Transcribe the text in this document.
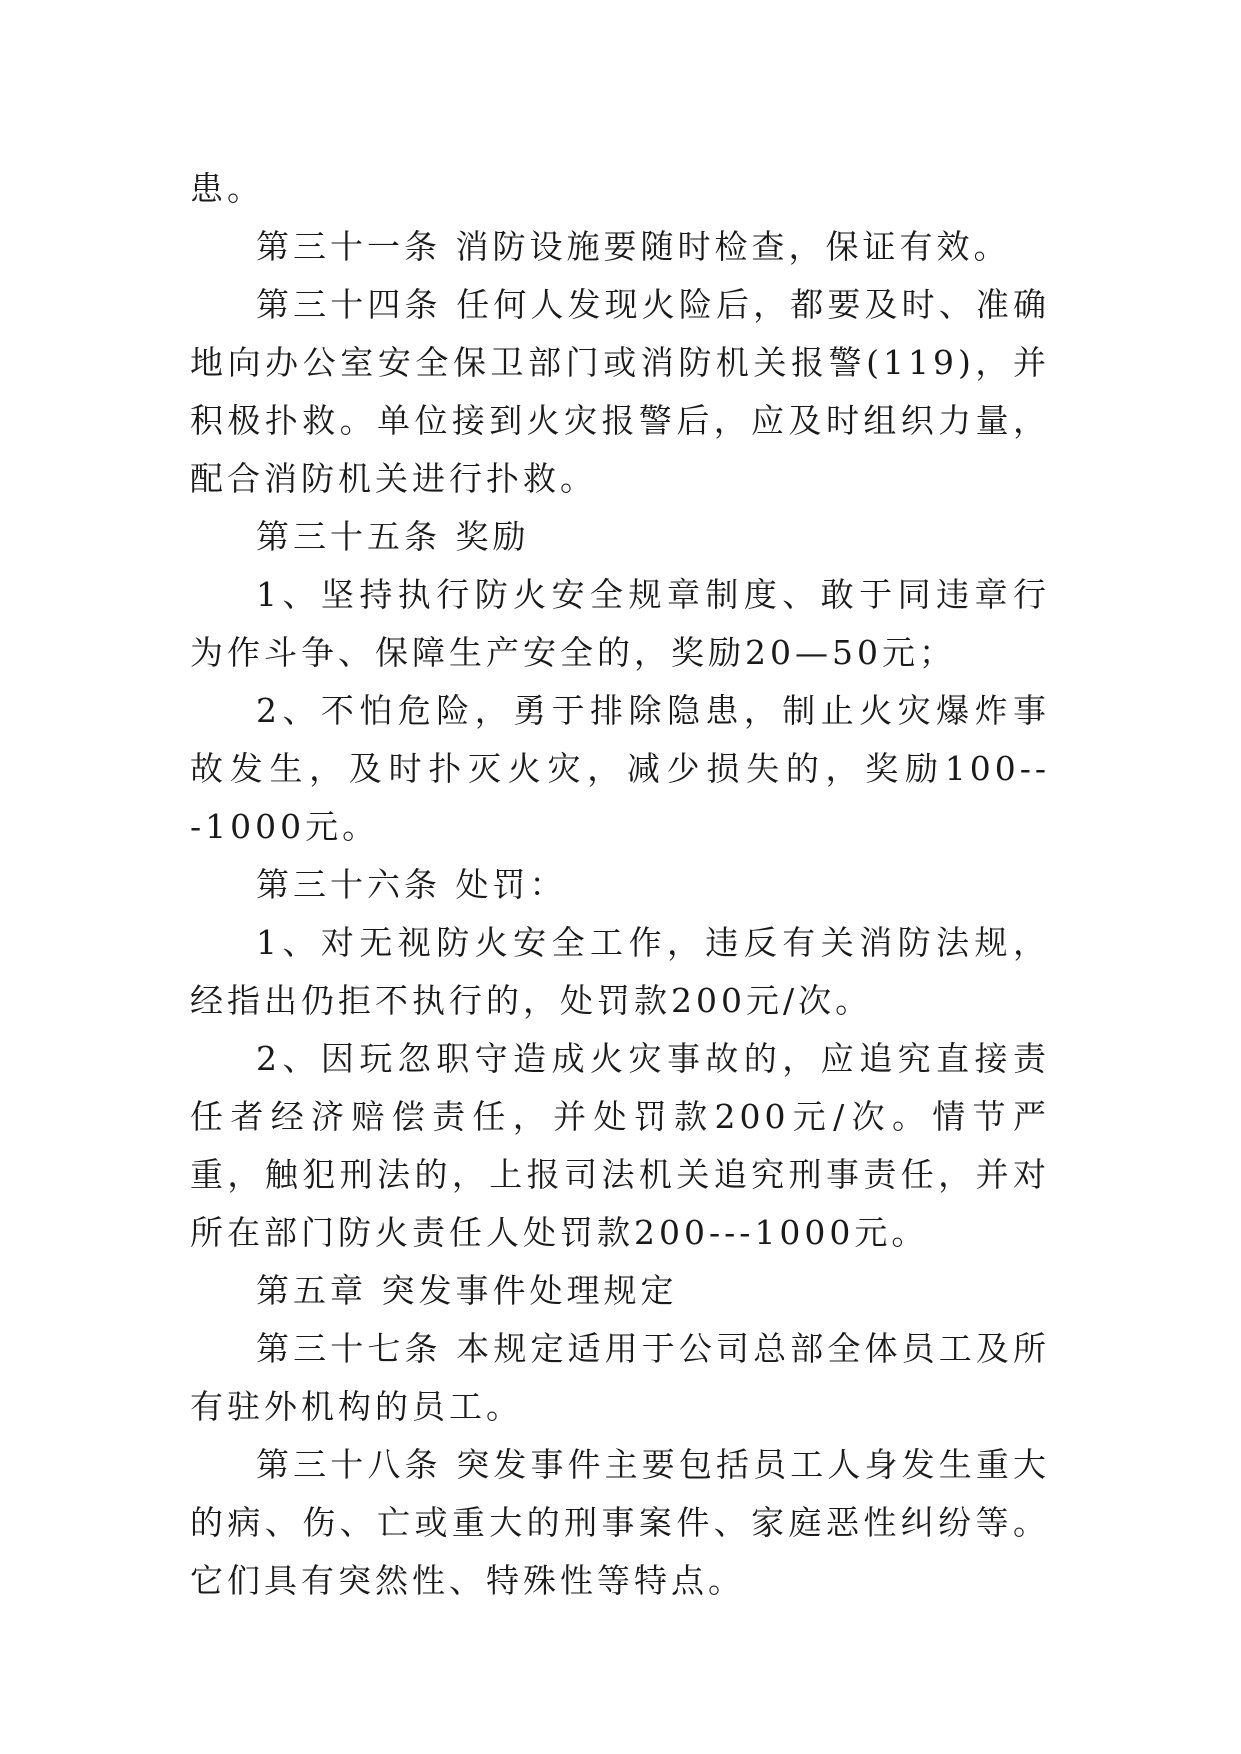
患。

第三十一条 消防设施要随时检查，保证有效。

第三十四条 任何人发现火险后，都要及时、准确地向办公室安全保卫部门或消防机关报警(119)，并积极扑救。单位接到火灾报警后，应及时组织力量，配合消防机关进行扑救。

第三十五条 奖励

1、坚持执行防火安全规章制度、敢于同违章行为作斗争、保障生产安全的，奖励20—50元；

2、不怕危险，勇于排除隐患，制止火灾爆炸事故发生，及时扑灭火灾，减少损失的，奖励100---1000元。

第三十六条 处罚：

1、对无视防火安全工作，违反有关消防法规，经指出仍拒不执行的，处罚款200元/次。

2、因玩忽职守造成火灾事故的，应追究直接责任者经济赔偿责任，并处罚款200元/次。情节严重，触犯刑法的，上报司法机关追究刑事责任，并对所在部门防火责任人处罚款200---1000元。

第五章 突发事件处理规定

第三十七条 本规定适用于公司总部全体员工及所有驻外机构的员工。

第三十八条 突发事件主要包括员工人身发生重大的病、伤、亡或重大的刑事案件、家庭恶性纠纷等。它们具有突然性、特殊性等特点。
